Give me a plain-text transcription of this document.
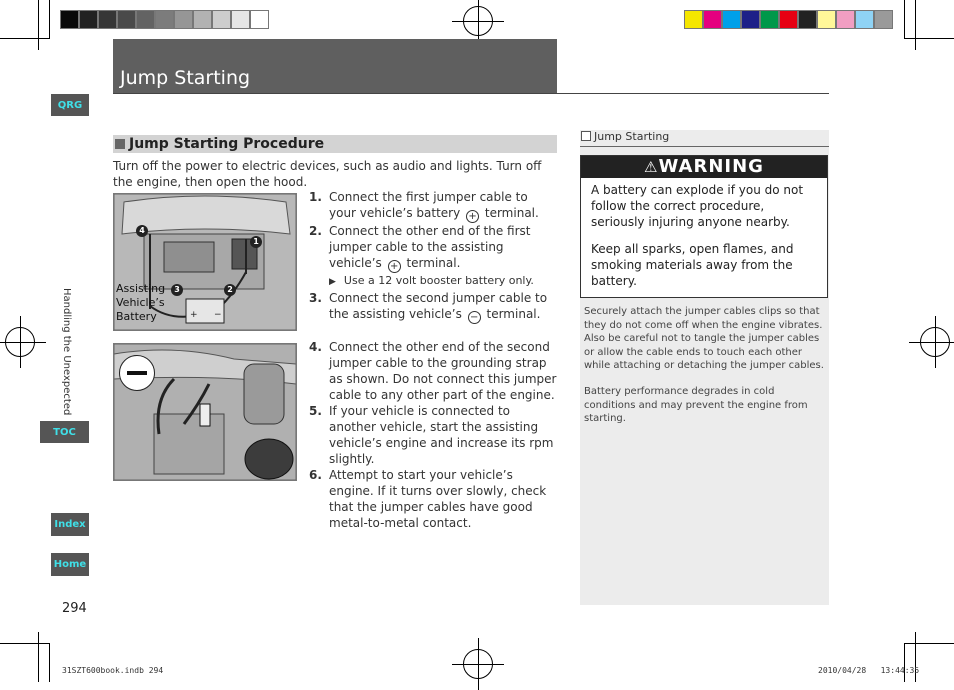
Jump Starting
QRG
Handling the Unexpected
TOC
Index
Home
Jump Starting Procedure
Turn off the power to electric devices, such as audio and lights. Turn off the engine, then open the hood.
4
1
3	2
Assisting
Vehicle’s
Battery	+ −
1. Connect the first jumper cable to your vehicle’s battery + terminal.
2. Connect the other end of the first jumper cable to the assisting vehicle’s + terminal.
▶ Use a 12 volt booster battery only.
3. Connect the second jumper cable to the assisting vehicle’s − terminal.
4. Connect the other end of the second jumper cable to the grounding strap as shown. Do not connect this jumper cable to any other part of the engine.
5. If your vehicle is connected to another vehicle, start the assisting vehicle’s engine and increase its rpm slightly.
6. Attempt to start your vehicle’s engine. If it turns over slowly, check that the jumper cables have good metal-to-metal contact.
Jump Starting
⚠WARNING
A battery can explode if you do not follow the correct procedure, seriously injuring anyone nearby.
Keep all sparks, open flames, and smoking materials away from the battery.
Securely attach the jumper cables clips so that they do not come off when the engine vibrates. Also be careful not to tangle the jumper cables or allow the cable ends to touch each other while attaching or detaching the jumper cables.
Battery performance degrades in cold conditions and may prevent the engine from starting.
294
31SZT600book.indb 294	2010/04/28   13:44:35
